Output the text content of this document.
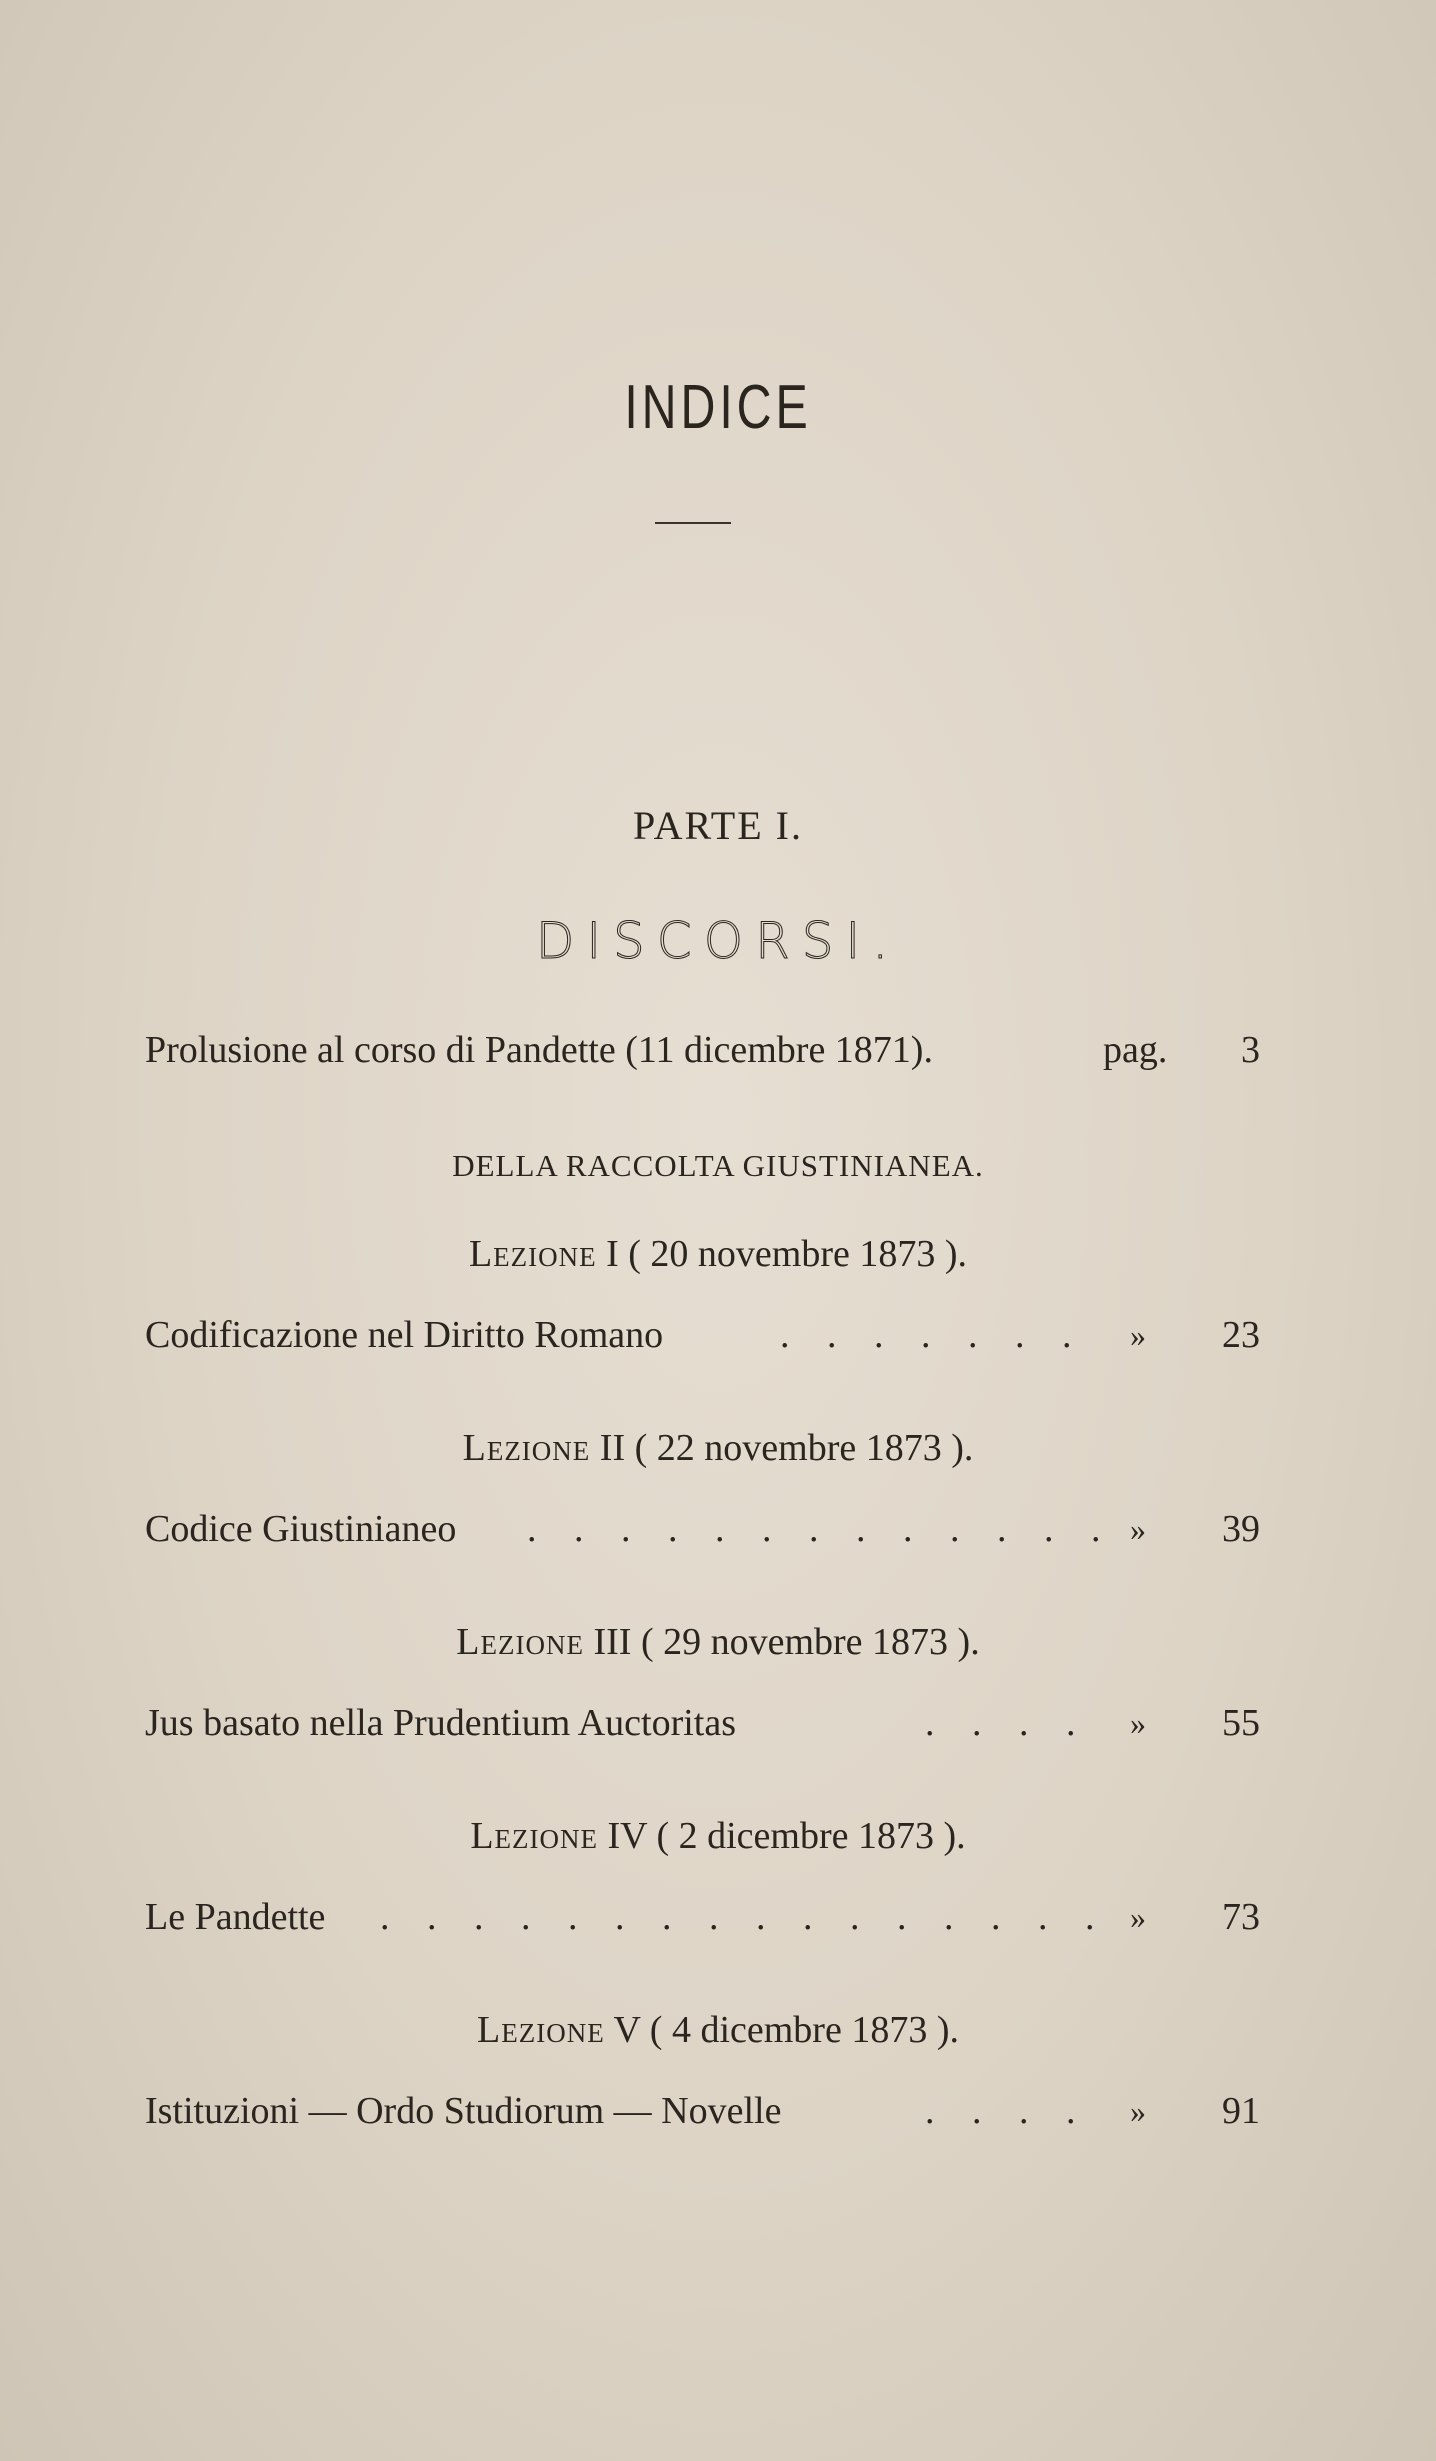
INDICE
PARTE I.
DISCORSI.
Prolusione al corso di Pandette (11 dicembre 1871).	pag. 3
DELLA RACCOLTA GIUSTINIANEA.
Lezione I ( 20 novembre 1873 ).
Codificazione nel Diritto Romano	. . . . . . . » 23
Lezione II ( 22 novembre 1873 ).
Codice Giustinianeo . . . . . . . . . . . . . » 39
Lezione III ( 29 novembre 1873 ).
Jus basato nella Prudentium Auctoritas	. . . . » 55
Lezione IV ( 2 dicembre 1873 ).
Le Pandette . . . . . . . . . . . . . . . . » 73
Lezione V ( 4 dicembre 1873 ).
Istituzioni — Ordo Studiorum — Novelle	. . . . » 91
